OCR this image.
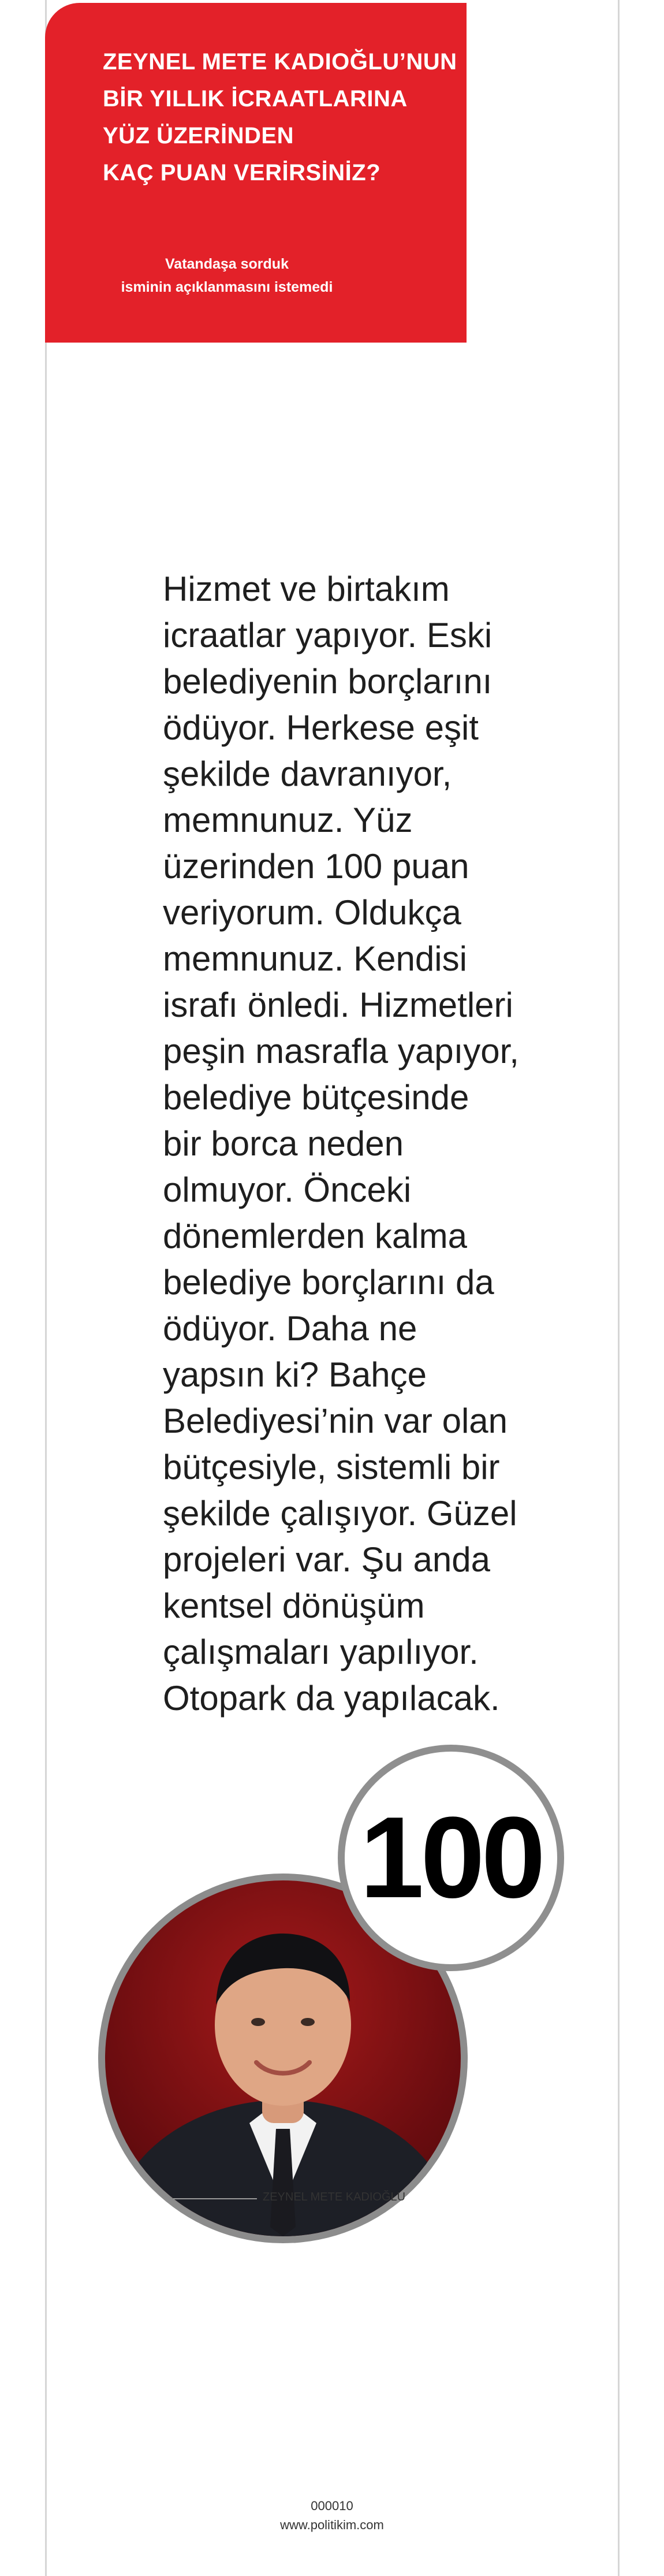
ZEYNEL METE KADIOĞLU’NUN
BİR YILLIK İCRAATLARINA
YÜZ ÜZERİNDEN
KAÇ PUAN VERİRSİNİZ?
Vatandaşa sorduk
isminin açıklanmasını istemedi
Hizmet ve birtakım
icraatlar yapıyor. Eski
belediyenin borçlarını
ödüyor. Herkese eşit
şekilde davranıyor,
memnunuz. Yüz
üzerinden 100 puan
veriyorum. Oldukça
memnunuz. Kendisi
israfı önledi. Hizmetleri
peşin masrafla yapıyor,
belediye bütçesinde
bir borca neden
olmuyor. Önceki
dönemlerden kalma
belediye borçlarını da
ödüyor. Daha ne
yapsın ki? Bahçe
Belediyesi’nin var olan
bütçesiyle, sistemli bir
şekilde çalışıyor. Güzel
projeleri var. Şu anda
kentsel dönüşüm
çalışmaları yapılıyor.
Otopark da yapılacak.
100
ZEYNEL METE KADIOĞLU
000010
www.politikim.com
